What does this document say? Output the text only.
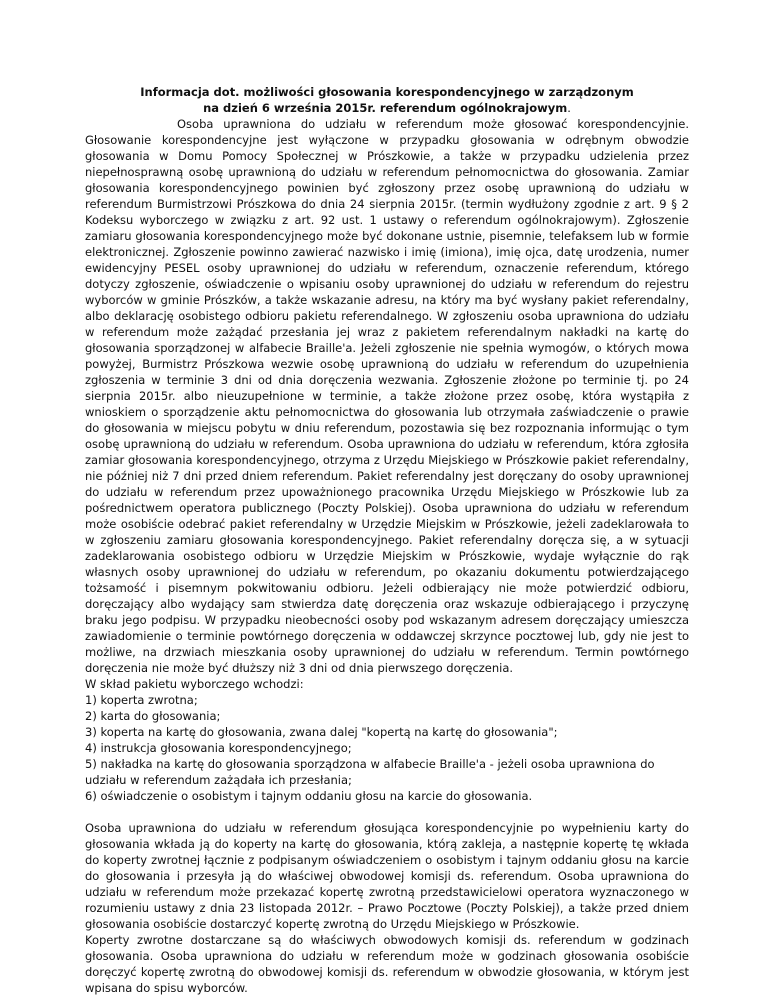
Informacja dot. możliwości głosowania korespondencyjnego w zarządzonym
na dzień 6 września 2015r. referendum ogólnokrajowym.

Osoba uprawniona do udziału w referendum może głosować korespondencyjnie. Głosowanie korespondencyjne jest wyłączone w przypadku głosowania w odrębnym obwodzie głosowania w Domu Pomocy Społecznej w Prószkowie, a także w przypadku udzielenia przez niepełnosprawną osobę uprawnioną do udziału w referendum pełnomocnictwa do głosowania. Zamiar głosowania korespondencyjnego powinien być zgłoszony przez osobę uprawnioną do udziału w referendum Burmistrzowi Prószkowa do dnia 24 sierpnia 2015r. (termin wydłużony zgodnie z art. 9 § 2 Kodeksu wyborczego w związku z art. 92 ust. 1 ustawy o referendum ogólnokrajowym). Zgłoszenie zamiaru głosowania korespondencyjnego może być dokonane ustnie, pisemnie, telefaksem lub w formie elektronicznej. Zgłoszenie powinno zawierać nazwisko i imię (imiona), imię ojca, datę urodzenia, numer ewidencyjny PESEL osoby uprawnionej do udziału w referendum, oznaczenie referendum, którego dotyczy zgłoszenie, oświadczenie o wpisaniu osoby uprawnionej do udziału w referendum do rejestru wyborców w gminie Prószków, a także wskazanie adresu, na który ma być wysłany pakiet referendalny, albo deklarację osobistego odbioru pakietu referendalnego. W zgłoszeniu osoba uprawniona do udziału w referendum może zażądać przesłania jej wraz z pakietem referendalnym nakładki na kartę do głosowania sporządzonej w alfabecie Braille'a. Jeżeli zgłoszenie nie spełnia wymogów, o których mowa powyżej, Burmistrz Prószkowa wezwie osobę uprawnioną do udziału w referendum do uzupełnienia zgłoszenia w terminie 3 dni od dnia doręczenia wezwania. Zgłoszenie złożone po terminie tj. po 24 sierpnia 2015r. albo nieuzupełnione w terminie, a także złożone przez osobę, która wystąpiła z wnioskiem o sporządzenie aktu pełnomocnictwa do głosowania lub otrzymała zaświadczenie o prawie do głosowania w miejscu pobytu w dniu referendum, pozostawia się bez rozpoznania informując o tym osobę uprawnioną do udziału w referendum. Osoba uprawniona do udziału w referendum, która zgłosiła zamiar głosowania korespondencyjnego, otrzyma z Urzędu Miejskiego w Prószkowie pakiet referendalny, nie później niż 7 dni przed dniem referendum. Pakiet referendalny jest doręczany do osoby uprawnionej do udziału w referendum przez upoważnionego pracownika Urzędu Miejskiego w Prószkowie lub za pośrednictwem operatora publicznego (Poczty Polskiej). Osoba uprawniona do udziału w referendum może osobiście odebrać pakiet referendalny w Urzędzie Miejskim w Prószkowie, jeżeli zadeklarowała to w zgłoszeniu zamiaru głosowania korespondencyjnego. Pakiet referendalny doręcza się, a w sytuacji zadeklarowania osobistego odbioru w Urzędzie Miejskim w Prószkowie, wydaje wyłącznie do rąk własnych osoby uprawnionej do udziału w referendum, po okazaniu dokumentu potwierdzającego tożsamość i pisemnym pokwitowaniu odbioru. Jeżeli odbierający nie może potwierdzić odbioru, doręczający albo wydający sam stwierdza datę doręczenia oraz wskazuje odbierającego i przyczynę braku jego podpisu. W przypadku nieobecności osoby pod wskazanym adresem doręczający umieszcza zawiadomienie o terminie powtórnego doręczenia w oddawczej skrzynce pocztowej lub, gdy nie jest to możliwe, na drzwiach mieszkania osoby uprawnionej do udziału w referendum. Termin powtórnego doręczenia nie może być dłuższy niż 3 dni od dnia pierwszego doręczenia.

W skład pakietu wyborczego wchodzi:

1) koperta zwrotna;
2) karta do głosowania;
3) koperta na kartę do głosowania, zwana dalej "kopertą na kartę do głosowania";
4) instrukcja głosowania korespondencyjnego;
5) nakładka na kartę do głosowania sporządzona w alfabecie Braille'a - jeżeli osoba uprawniona do udziału w referendum zażądała ich przesłania;
6) oświadczenie o osobistym i tajnym oddaniu głosu na karcie do głosowania.

Osoba uprawniona do udziału w referendum głosująca korespondencyjnie po wypełnieniu karty do głosowania wkłada ją do koperty na kartę do głosowania, którą zakleja, a następnie kopertę tę wkłada do koperty zwrotnej łącznie z podpisanym oświadczeniem o osobistym i tajnym oddaniu głosu na karcie do głosowania i przesyła ją do właściwej obwodowej komisji ds. referendum. Osoba uprawniona do udziału w referendum może przekazać kopertę zwrotną przedstawicielowi operatora wyznaczonego w rozumieniu ustawy z dnia 23 listopada 2012r. – Prawo Pocztowe (Poczty Polskiej), a także przed dniem głosowania osobiście dostarczyć kopertę zwrotną do Urzędu Miejskiego w Prószkowie.

Koperty zwrotne dostarczane są do właściwych obwodowych komisji ds. referendum w godzinach głosowania. Osoba uprawniona do udziału w referendum może w godzinach głosowania osobiście doręczyć kopertę zwrotną do obwodowej komisji ds. referendum w obwodzie głosowania, w którym jest wpisana do spisu wyborców.
